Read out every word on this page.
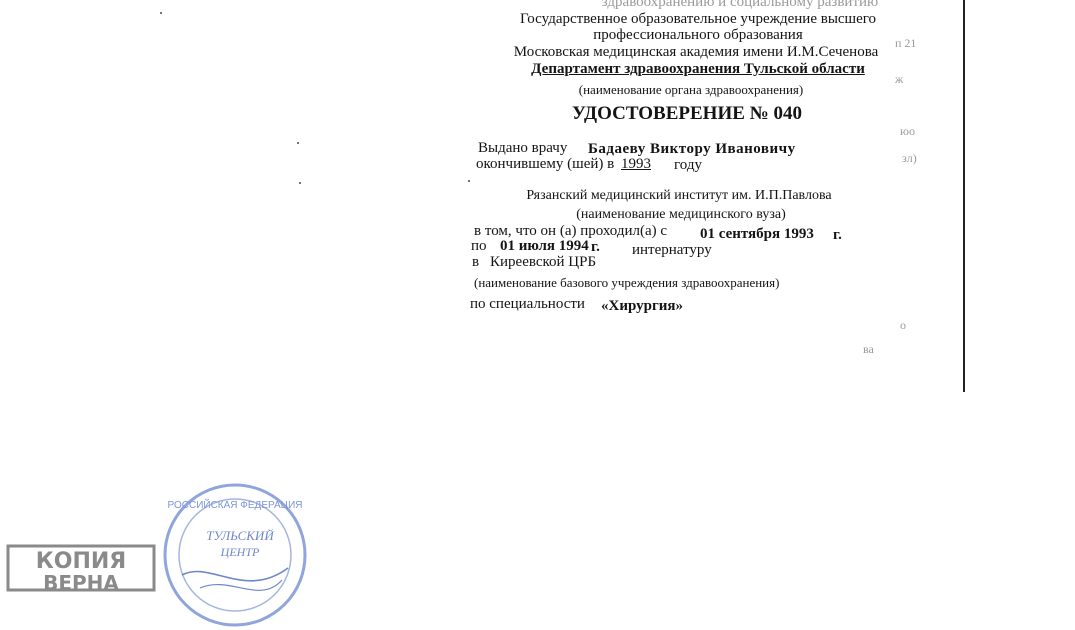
здравоохранению и социальному развитию
Государственное образовательное учреждение высшего
профессионального образования
Московская медицинская академия имени И.М.Сеченова
Департамент здравоохранения Тульской области
(наименование органа здравоохранения)
УДОСТОВЕРЕНИЕ № 040
Выдано врачу Бадаеву Виктору Ивановичу
окончившему (шей) в 1993 году
Рязанский медицинский институт им. И.П.Павлова
(наименование медицинского вуза)
в том, что он (а) проходил(а) с 01 сентября 1993 г.
по 01 июля 1994 г. интернатуру
в Киреевской ЦРБ
(наименование базового учреждения здравоохранения)
по специальности «Хирургия»
п 21
ж
юо
зл)
о
ва
РОССИЙСКАЯ ФЕДЕРАЦИЯ
ТУЛЬСКИЙ
ЦЕНТР
КОПИЯ
ВЕРНА
